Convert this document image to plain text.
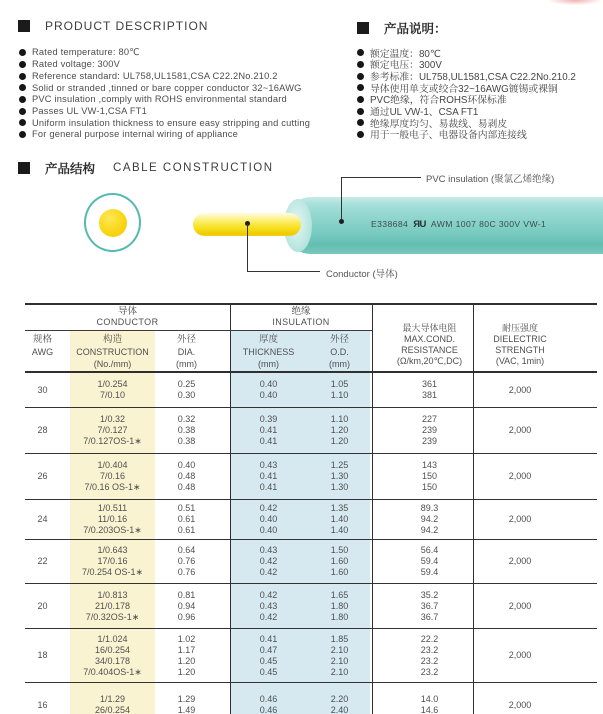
PRODUCT DESCRIPTION	产品说明：
Rated temperature: 80℃
Rated voltage: 300V
Reference standard: UL758,UL1581,CSA C22.2No.210.2
Solid or stranded ,tinned or bare copper conductor 32~16AWG
PVC insulation ,comply with ROHS environmental standard
Passes UL VW-1,CSA FT1
Uniform insulation thickness to ensure easy stripping and cutting
For general purpose internal wiring of appliance
额定温度：80℃
额定电压：300V
参考标准：UL758,UL1581,CSA C22.2No.210.2
导体使用单支或绞合32~16AWG镀锡或裸铜
PVC绝缘，符合ROHS环保标准
通过UL VW-1、CSA FT1
绝缘厚度均匀、易裁线、易剥皮
用于一般电子、电器设备内部连接线
产品结构 CABLE CONSTRUCTION
E338684 ЯU AWM 1007 80C 300V VW-1
PVC insulation (聚氯乙烯绝缘)
Conductor (导体)
导体
CONDUCTOR
绝缘
INSULATION
规格
AWG
构造
CONSTRUCTION
(No./mm)
外径
DIA.
(mm)
厚度
THICKNESS
(mm)
外径
O.D.
(mm)
最大导体电阻
MAX.COND.
RESISTANCE
(Ω/km,20℃,DC)
耐压强度
DIELECTRIC
STRENGTH
(VAC, 1min)
30
1/0.254
7/0.10
0.25
0.30
0.40
0.40
1.05
1.10
361
381
2,000
28
1/0.32
7/0.127
7/0.127OS-1∗
0.32
0.38
0.38
0.39
0.41
0.41
1.10
1.20
1.20
227
239
239
2,000
26
1/0.404
7/0.16
7/0.16 OS-1∗
0.40
0.48
0.48
0.43
0.41
0.41
1.25
1.30
1.30
143
150
150
2,000
24
1/0.511
11/0.16
7/0.203OS-1∗
0.51
0.61
0.61
0.42
0.40
0.40
1.35
1.40
1.40
89.3
94.2
94.2
2,000
22
1/0.643
17/0.16
7/0.254 OS-1∗
0.64
0.76
0.76
0.43
0.42
0.42
1.50
1.60
1.60
56.4
59.4
59.4
2,000
20
1/0.813
21/0.178
7/0.32OS-1∗
0.81
0.94
0.96
0.42
0.43
0.42
1.65
1.80
1.80
35.2
36.7
36.7
2,000
18
1/1.024
16/0.254
34/0.178
7/0.404OS-1∗
1.02
1.17
1.20
1.20
0.41
0.47
0.45
0.45
1.85
2.10
2.10
2.10
22.2
23.2
23.2
23.2
2,000
16
1/1.29
26/0.254
1.29
1.49
0.46
0.46
2.20
2.40
14.0
14.6
2,000
